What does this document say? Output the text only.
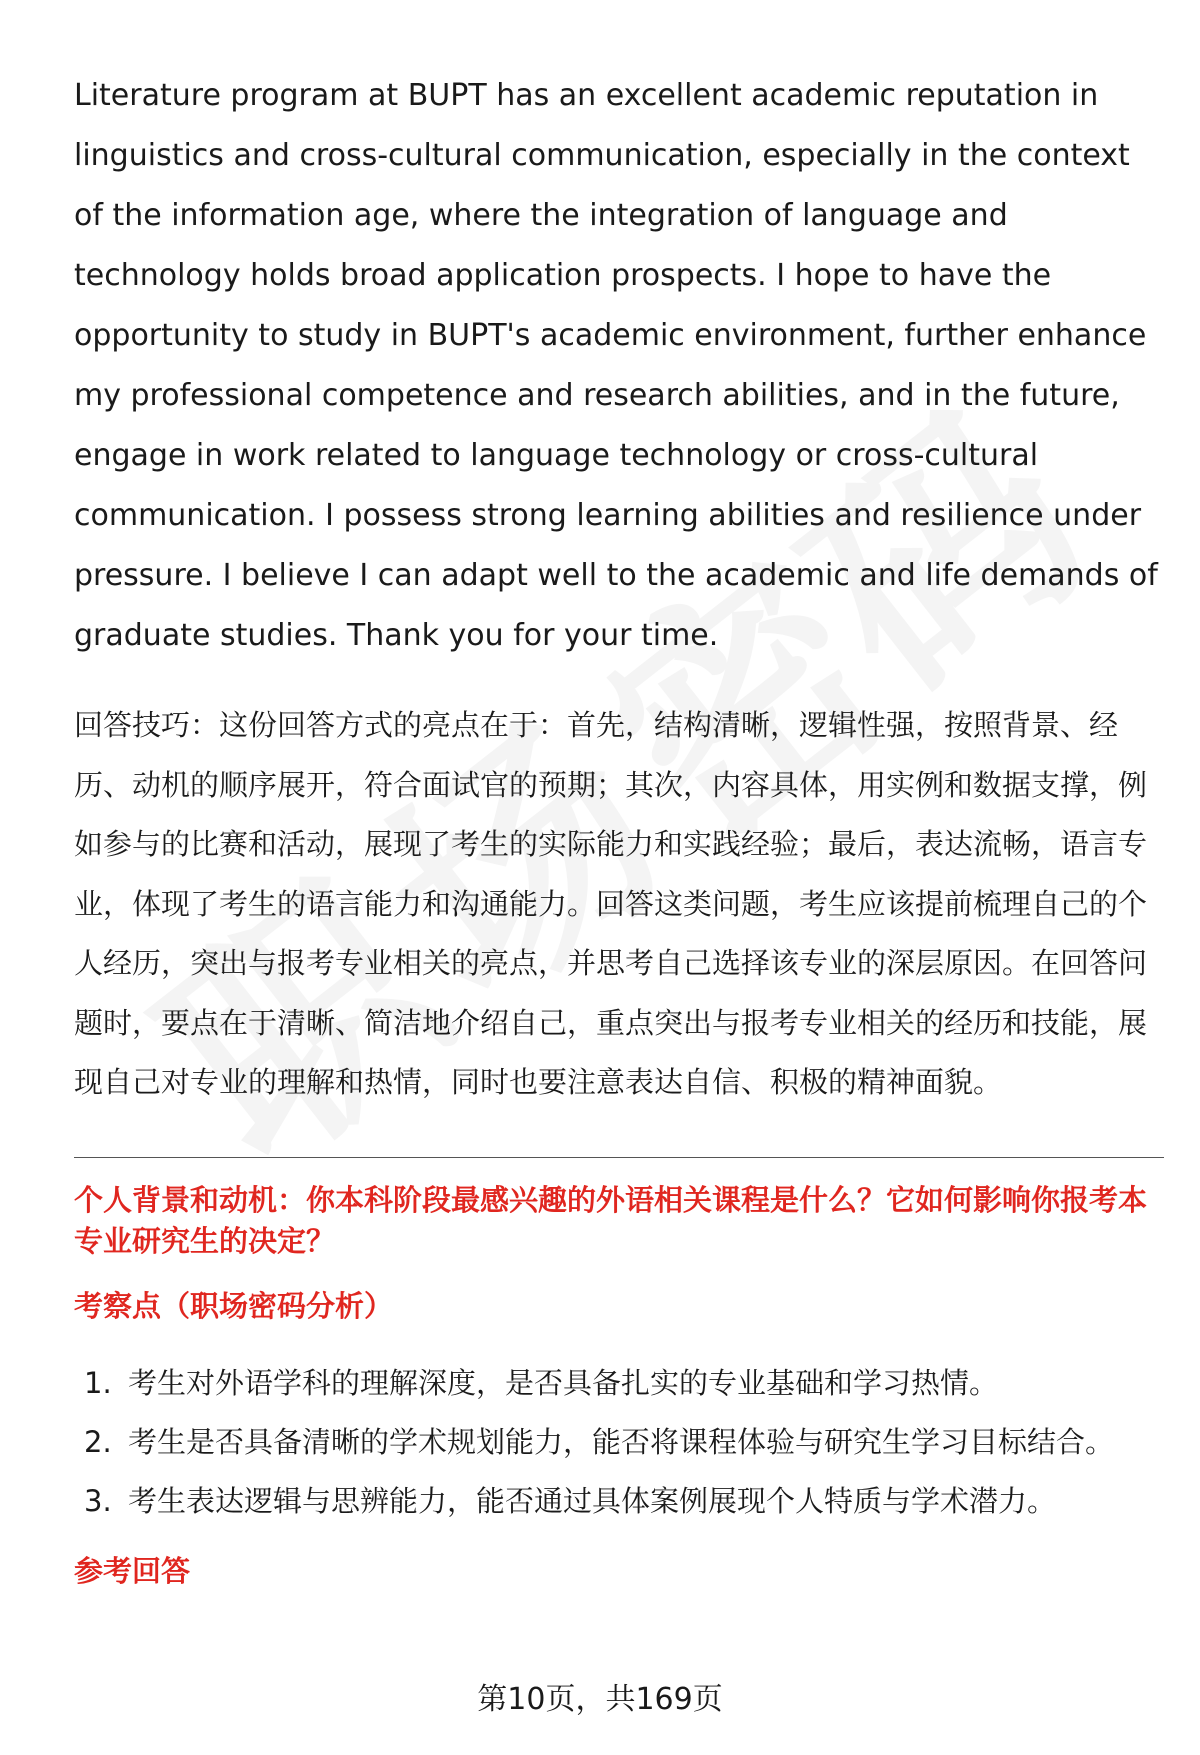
Literature program at BUPT has an excellent academic reputation in linguistics and cross-cultural communication, especially in the context of the information age, where the integration of language and technology holds broad application prospects. I hope to have the opportunity to study in BUPT's academic environment, further enhance my professional competence and research abilities, and in the future, engage in work related to language technology or cross-cultural communication. I possess strong learning abilities and resilience under pressure. I believe I can adapt well to the academic and life demands of graduate studies. Thank you for your time.

回答技巧：这份回答方式的亮点在于：首先，结构清晰，逻辑性强，按照背景、经历、动机的顺序展开，符合面试官的预期；其次，内容具体，用实例和数据支撑，例如参与的比赛和活动，展现了考生的实际能力和实践经验；最后，表达流畅，语言专业，体现了考生的语言能力和沟通能力。回答这类问题，考生应该提前梳理自己的个人经历，突出与报考专业相关的亮点，并思考自己选择该专业的深层原因。在回答问题时，要点在于清晰、简洁地介绍自己，重点突出与报考专业相关的经历和技能，展现自己对专业的理解和热情，同时也要注意表达自信、积极的精神面貌。

个人背景和动机：你本科阶段最感兴趣的外语相关课程是什么？它如何影响你报考本专业研究生的决定？
考察点（职场密码分析）
1. 考生对外语学科的理解深度，是否具备扎实的专业基础和学习热情。
2. 考生是否具备清晰的学术规划能力，能否将课程体验与研究生学习目标结合。
3. 考生表达逻辑与思辨能力，能否通过具体案例展现个人特质与学术潜力。
参考回答
第10页，共169页
